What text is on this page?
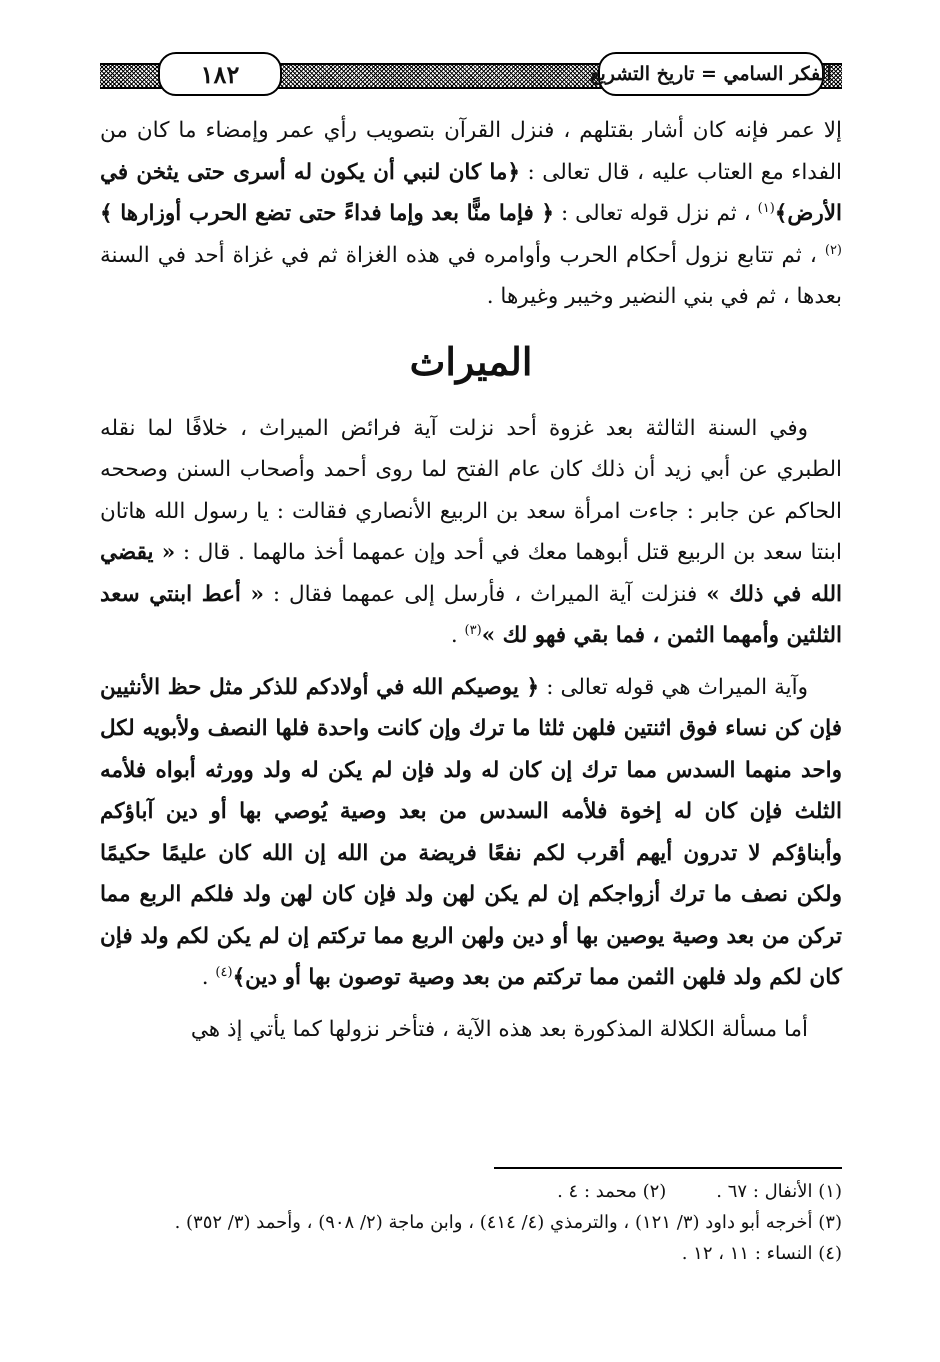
الفكر السامي = تاريخ التشريع
١٨٢

إلا عمر فإنه كان أشار بقتلهم ، فنزل القرآن بتصويب رأي عمر وإمضاء ما كان من الفداء مع العتاب عليه ، قال تعالى : ﴿ما كان لنبي أن يكون له أسرى حتى يثخن في الأرض﴾$^{(١)}$ ، ثم نزل قوله تعالى : ﴿ فإما منًّا بعد وإما فداءً حتى تضع الحرب أوزارها ﴾$^{(٢)}$ ، ثم تتابع نزول أحكام الحرب وأوامره في هذه الغزاة ثم في غزاة أحد في السنة بعدها ، ثم في بني النضير وخيبر وغيرها .

الميراث

وفي السنة الثالثة بعد غزوة أحد نزلت آية فرائض الميراث ، خلافًا لما نقله الطبري عن أبي زيد أن ذلك كان عام الفتح لما روى أحمد وأصحاب السنن وصححه الحاكم عن جابر : جاءت امرأة سعد بن الربيع الأنصاري فقالت : يا رسول الله هاتان ابنتا سعد بن الربيع قتل أبوهما معك في أحد وإن عمهما أخذ مالهما . قال : « يقضي الله في ذلك » فنزلت آية الميراث ، فأرسل إلى عمهما فقال : « أعط ابنتي سعد الثلثين وأمهما الثمن ، فما بقي فهو لك »$^{(٣)}$ .

وآية الميراث هي قوله تعالى : ﴿ يوصيكم الله في أولادكم للذكر مثل حظ الأنثيين فإن كن نساء فوق اثنتين فلهن ثلثا ما ترك وإن كانت واحدة فلها النصف ولأبويه لكل واحد منهما السدس مما ترك إن كان له ولد فإن لم يكن له ولد وورثه أبواه فلأمه الثلث فإن كان له إخوة فلأمه السدس من بعد وصية يُوصي بها أو دين آباؤكم وأبناؤكم لا تدرون أيهم أقرب لكم نفعًا فريضة من الله إن الله كان عليمًا حكيمًا ولكن نصف ما ترك أزواجكم إن لم يكن لهن ولد فإن كان لهن ولد فلكم الربع مما تركن من بعد وصية يوصين بها أو دين ولهن الربع مما تركتم إن لم يكن لكم ولد فإن كان لكم ولد فلهن الثمن مما تركتم من بعد وصية توصون بها أو دين﴾$^{(٤)}$ .

أما مسألة الكلالة المذكورة بعد هذه الآية ، فتأخر نزولها كما يأتي إذ هي

(١) الأنفال : ٦٧ .(٢) محمد : ٤ .

(٣) أخرجه أبو داود (٣/ ١٢١) ، والترمذي (٤/ ٤١٤) ، وابن ماجة (٢/ ٩٠٨) ، وأحمد (٣/ ٣٥٢) .

(٤) النساء : ١١ ، ١٢ .
